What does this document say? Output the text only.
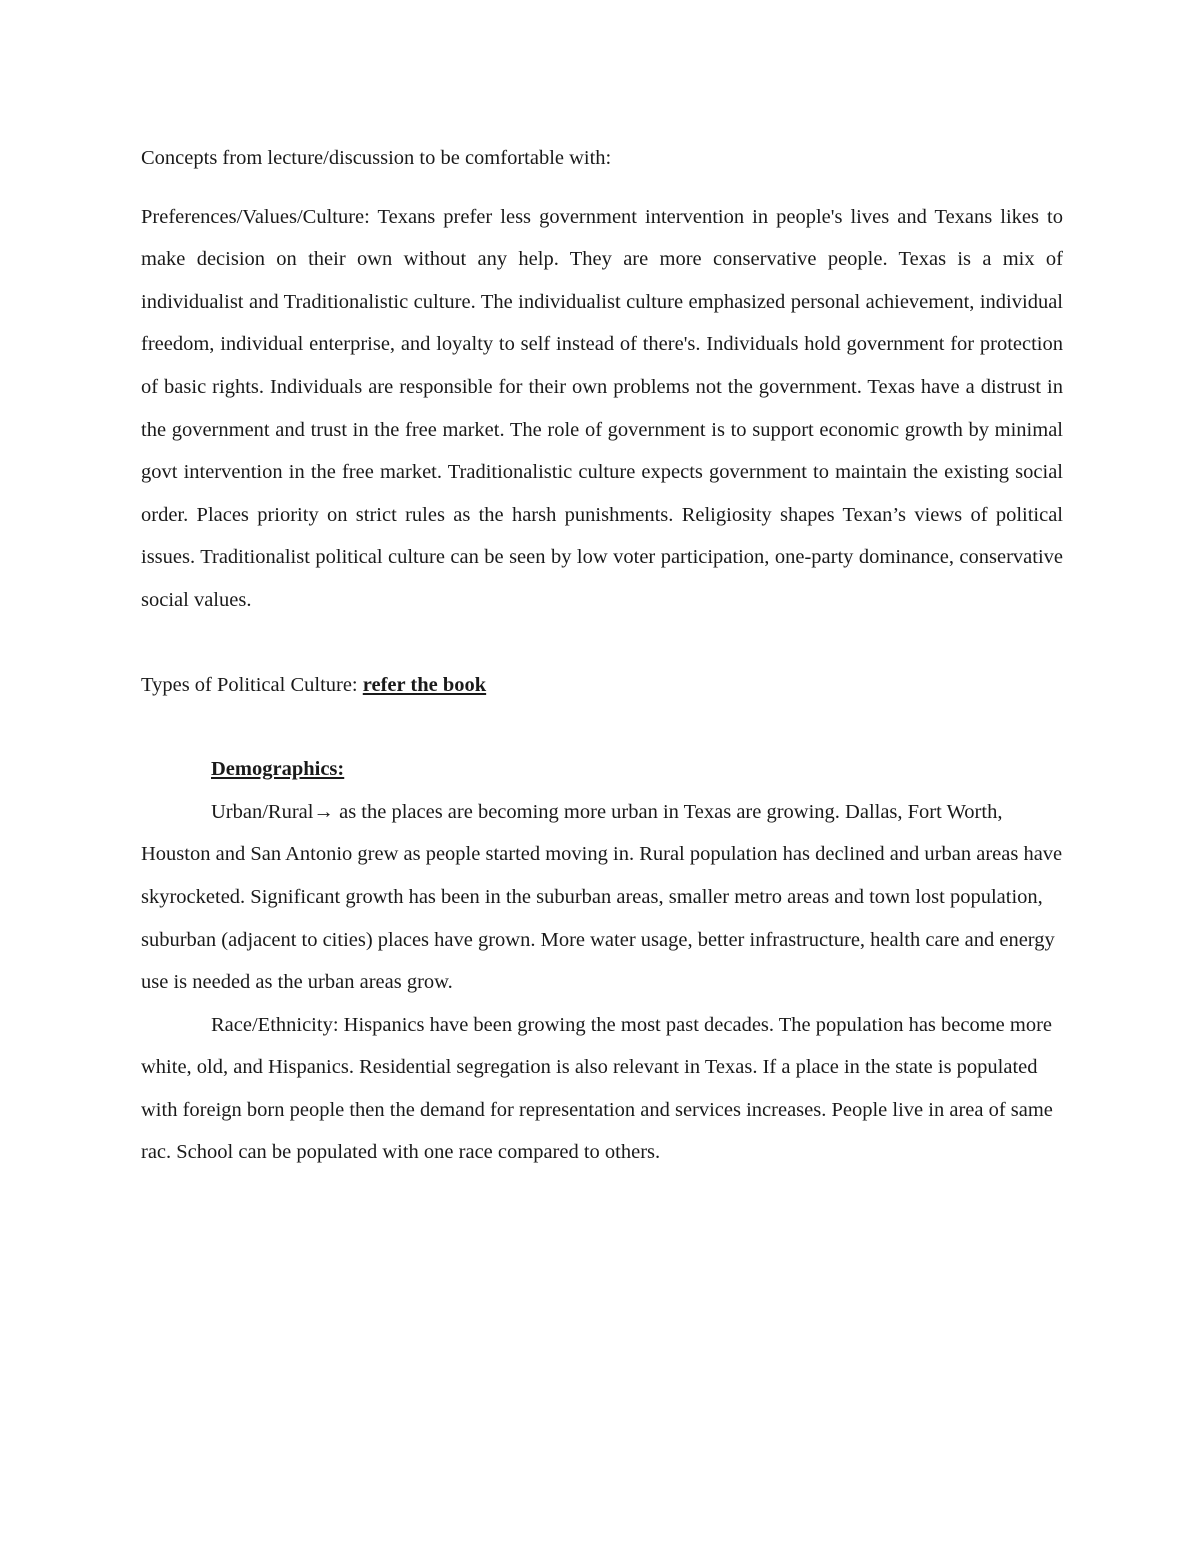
Concepts from lecture/discussion to be comfortable with:

Preferences/Values/Culture: Texans prefer less government intervention in people's lives and Texans likes to make decision on their own without any help. They are more conservative people. Texas is a mix of individualist and Traditionalistic culture. The individualist culture emphasized personal achievement, individual freedom, individual enterprise, and loyalty to self instead of there's. Individuals hold government for protection of basic rights. Individuals are responsible for their own problems not the government. Texas have a distrust in the government and trust in the free market. The role of government is to support economic growth by minimal govt intervention in the free market. Traditionalistic culture expects government to maintain the existing social order. Places priority on strict rules as the harsh punishments. Religiosity shapes Texan’s views of political issues. Traditionalist political culture can be seen by low voter participation, one-party dominance, conservative social values.

Types of Political Culture: refer the book

Demographics:

Urban/Rural→ as the places are becoming more urban in Texas are growing. Dallas, Fort Worth, Houston and San Antonio grew as people started moving in. Rural population has declined and urban areas have skyrocketed. Significant growth has been in the suburban areas, smaller metro areas and town lost population, suburban (adjacent to cities) places have grown. More water usage, better infrastructure, health care and energy use is needed as the urban areas grow.

Race/Ethnicity: Hispanics have been growing the most past decades. The population has become more white, old, and Hispanics. Residential segregation is also relevant in Texas. If a place in the state is populated with foreign born people then the demand for representation and services increases. People live in area of same rac. School can be populated with one race compared to others.
